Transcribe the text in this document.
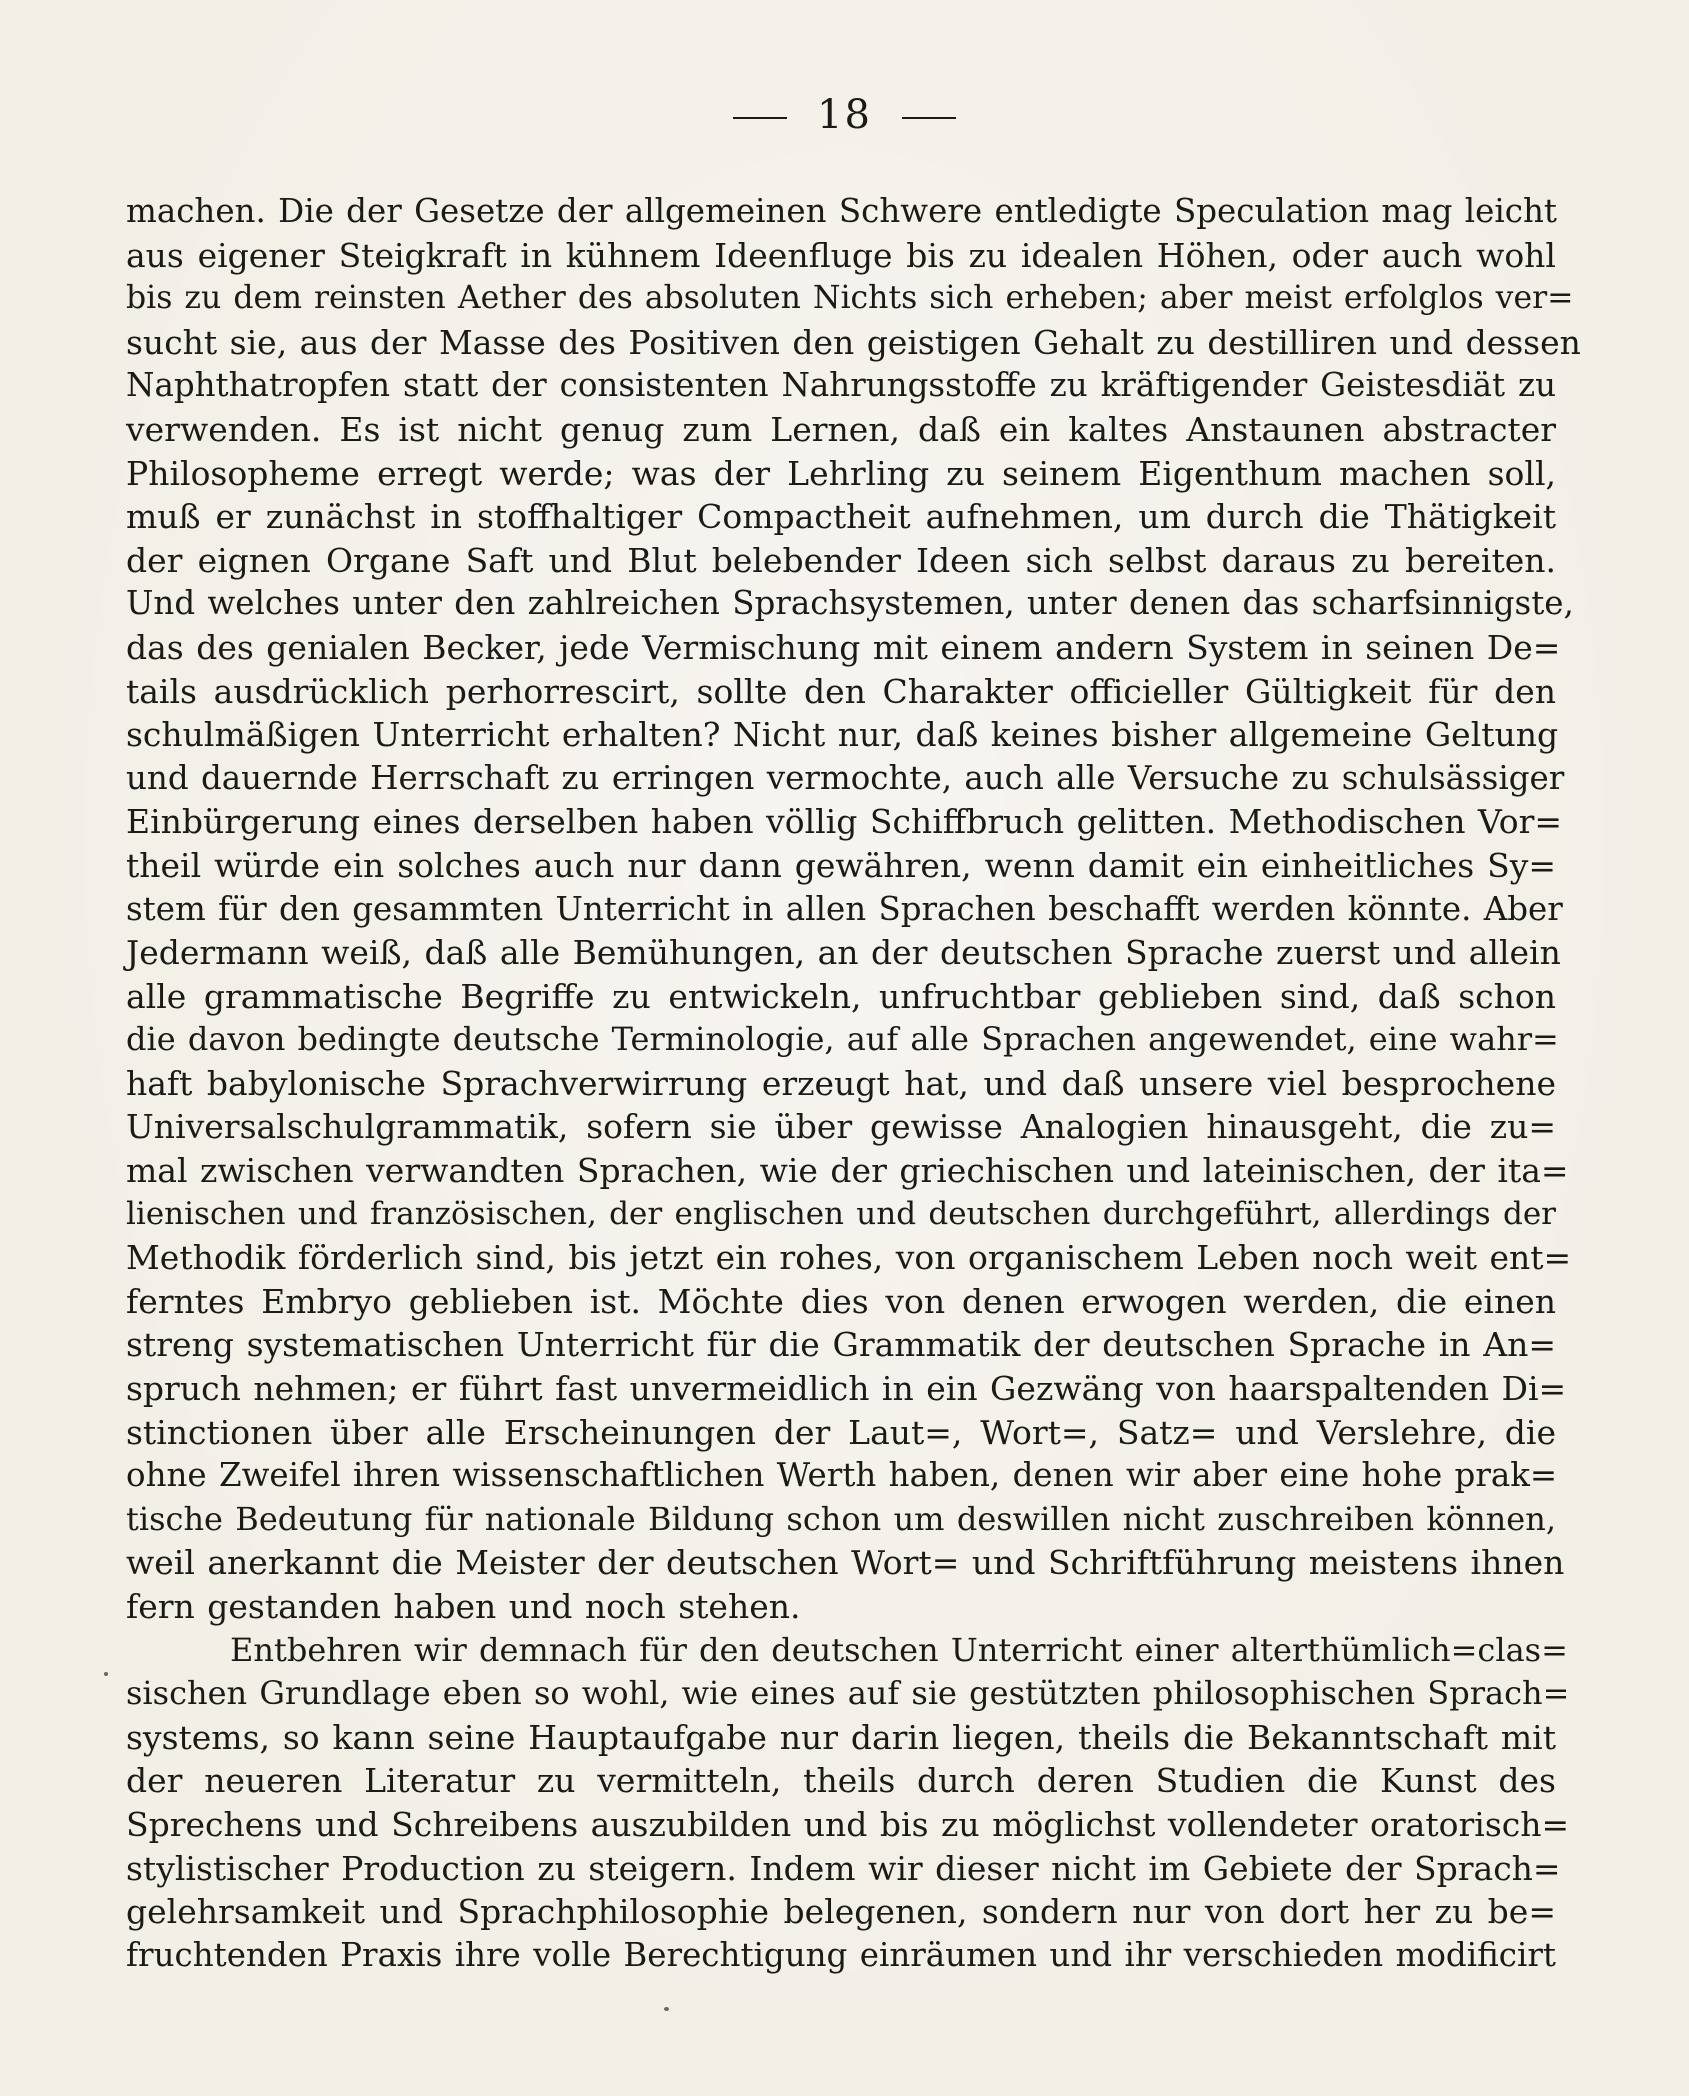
18
machen. Die der Gesetze der allgemeinen Schwere entledigte Speculation mag leicht
aus eigener Steigkraft in kühnem Ideenfluge bis zu idealen Höhen, oder auch wohl
bis zu dem reinsten Aether des absoluten Nichts sich erheben; aber meist erfolglos ver=
sucht sie, aus der Masse des Positiven den geistigen Gehalt zu destilliren und dessen
Naphthatropfen statt der consistenten Nahrungsstoffe zu kräftigender Geistesdiät zu
verwenden. Es ist nicht genug zum Lernen, daß ein kaltes Anstaunen abstracter
Philosopheme erregt werde; was der Lehrling zu seinem Eigenthum machen soll,
muß er zunächst in stoffhaltiger Compactheit aufnehmen, um durch die Thätigkeit
der eignen Organe Saft und Blut belebender Ideen sich selbst daraus zu bereiten.
Und welches unter den zahlreichen Sprachsystemen, unter denen das scharfsinnigste,
das des genialen Becker, jede Vermischung mit einem andern System in seinen De=
tails ausdrücklich perhorrescirt, sollte den Charakter officieller Gültigkeit für den
schulmäßigen Unterricht erhalten? Nicht nur, daß keines bisher allgemeine Geltung
und dauernde Herrschaft zu erringen vermochte, auch alle Versuche zu schulsässiger
Einbürgerung eines derselben haben völlig Schiffbruch gelitten. Methodischen Vor=
theil würde ein solches auch nur dann gewähren, wenn damit ein einheitliches Sy=
stem für den gesammten Unterricht in allen Sprachen beschafft werden könnte. Aber
Jedermann weiß, daß alle Bemühungen, an der deutschen Sprache zuerst und allein
alle grammatische Begriffe zu entwickeln, unfruchtbar geblieben sind, daß schon
die davon bedingte deutsche Terminologie, auf alle Sprachen angewendet, eine wahr=
haft babylonische Sprachverwirrung erzeugt hat, und daß unsere viel besprochene
Universalschulgrammatik, sofern sie über gewisse Analogien hinausgeht, die zu=
mal zwischen verwandten Sprachen, wie der griechischen und lateinischen, der ita=
lienischen und französischen, der englischen und deutschen durchgeführt, allerdings der
Methodik förderlich sind, bis jetzt ein rohes, von organischem Leben noch weit ent=
ferntes Embryo geblieben ist. Möchte dies von denen erwogen werden, die einen
streng systematischen Unterricht für die Grammatik der deutschen Sprache in An=
spruch nehmen; er führt fast unvermeidlich in ein Gezwäng von haarspaltenden Di=
stinctionen über alle Erscheinungen der Laut=, Wort=, Satz= und Verslehre, die
ohne Zweifel ihren wissenschaftlichen Werth haben, denen wir aber eine hohe prak=
tische Bedeutung für nationale Bildung schon um deswillen nicht zuschreiben können,
weil anerkannt die Meister der deutschen Wort= und Schriftführung meistens ihnen
fern gestanden haben und noch stehen.
Entbehren wir demnach für den deutschen Unterricht einer alterthümlich=clas=
sischen Grundlage eben so wohl, wie eines auf sie gestützten philosophischen Sprach=
systems, so kann seine Hauptaufgabe nur darin liegen, theils die Bekanntschaft mit
der neueren Literatur zu vermitteln, theils durch deren Studien die Kunst des
Sprechens und Schreibens auszubilden und bis zu möglichst vollendeter oratorisch=
stylistischer Production zu steigern. Indem wir dieser nicht im Gebiete der Sprach=
gelehrsamkeit und Sprachphilosophie belegenen, sondern nur von dort her zu be=
fruchtenden Praxis ihre volle Berechtigung einräumen und ihr verschieden modificirt
